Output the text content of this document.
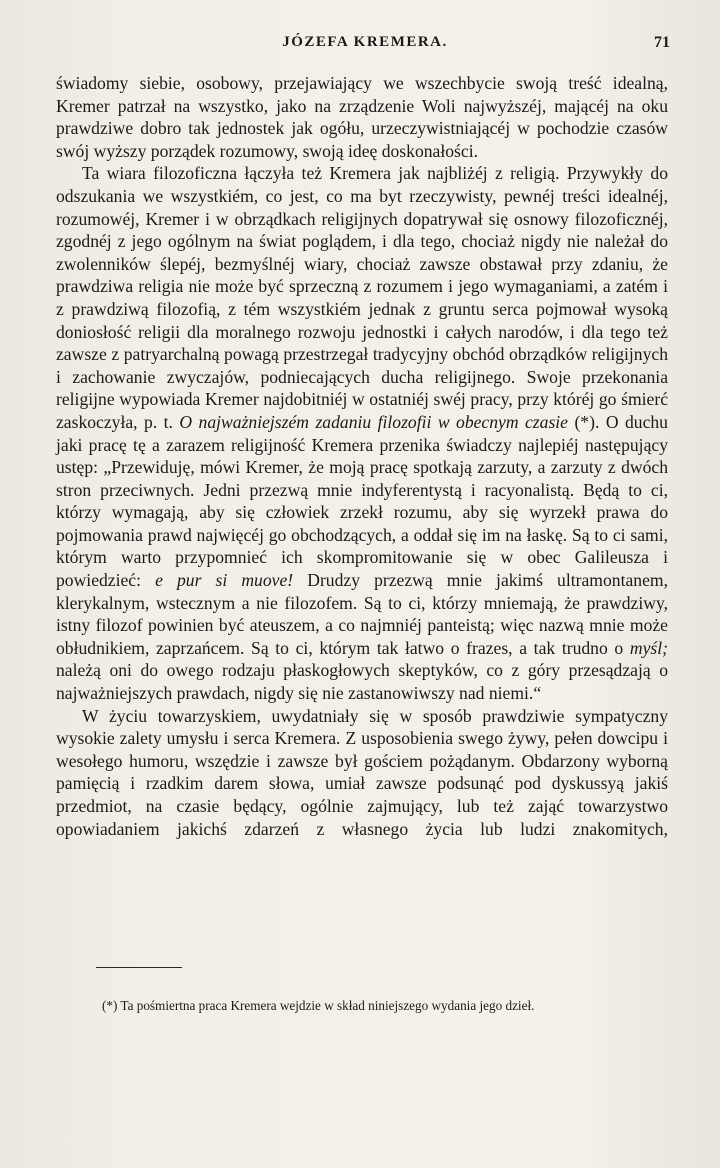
JÓZEFA KREMERA.	71

świadomy siebie, osobowy, przejawiający we wszechbycie swoją treść idealną, Kremer patrzał na wszystko, jako na zrządzenie Woli najwyższéj, mającéj na oku prawdziwe dobro tak jednostek jak ogółu, urzeczywistniającéj w pochodzie czasów swój wyższy porządek rozumowy, swoją ideę doskonałości.

Ta wiara filozoficzna łączyła też Kremera jak najbliżéj z religią. Przywykły do odszukania we wszystkiém, co jest, co ma byt rzeczywisty, pewnéj treści idealnéj, rozumowéj, Kremer i w obrządkach religijnych dopatrywał się osnowy filozoficznéj, zgodnéj z jego ogólnym na świat poglądem, i dla tego, chociaż nigdy nie należał do zwolenników ślepéj, bezmyślnéj wiary, chociaż zawsze obstawał przy zdaniu, że prawdziwa religia nie może być sprzeczną z rozumem i jego wymaganiami, a zatém i z prawdziwą filozofią, z tém wszystkiém jednak z gruntu serca pojmował wysoką doniosłość religii dla moralnego rozwoju jednostki i całych narodów, i dla tego też zawsze z patryarchalną powagą przestrzegał tradycyjny obchód obrządków religijnych i zachowanie zwyczajów, podniecających ducha religijnego. Swoje przekonania religijne wypowiada Kremer najdobitniéj w ostatniéj swéj pracy, przy któréj go śmierć zaskoczyła, p. t. O najważniejszém zadaniu filozofii w obecnym czasie (*). O duchu jaki pracę tę a zarazem religijność Kremera przenika świadczy najlepiéj następujący ustęp: „Przewiduję, mówi Kremer, że moją pracę spotkają zarzuty, a zarzuty z dwóch stron przeciwnych. Jedni przezwą mnie indyferentystą i racyonalistą. Będą to ci, którzy wymagają, aby się człowiek zrzekł rozumu, aby się wyrzekł prawa do pojmowania prawd najwięcéj go obchodzących, a oddał się im na łaskę. Są to ci sami, którym warto przypomnieć ich skompromitowanie się w obec Galileusza i powiedzieć: e pur si muove! Drudzy przezwą mnie jakimś ultramontanem, klerykalnym, wstecznym a nie filozofem. Są to ci, którzy mniemają, że prawdziwy, istny filozof powinien być ateuszem, a co najmniéj panteistą; więc nazwą mnie może obłudnikiem, zaprzańcem. Są to ci, którym tak łatwo o frazes, a tak trudno o myśl; należą oni do owego rodzaju płaskogłowych skeptyków, co z góry przesądzają o najważniejszych prawdach, nigdy się nie zastanowiwszy nad niemi.“

W życiu towarzyskiem, uwydatniały się w sposób prawdziwie sympatyczny wysokie zalety umysłu i serca Kremera. Z usposobienia swego żywy, pełen dowcipu i wesołego humoru, wszędzie i zawsze był gościem pożądanym. Obdarzony wyborną pamięcią i rzadkim darem słowa, umiał zawsze podsunąć pod dyskussyą jakiś przedmiot, na czasie będący, ogólnie zajmujący, lub też zająć towarzystwo opowiadaniem jakichś zdarzeń z własnego życia lub ludzi znakomitych,

(*) Ta pośmiertna praca Kremera wejdzie w skład niniejszego wydania jego dzieł.
